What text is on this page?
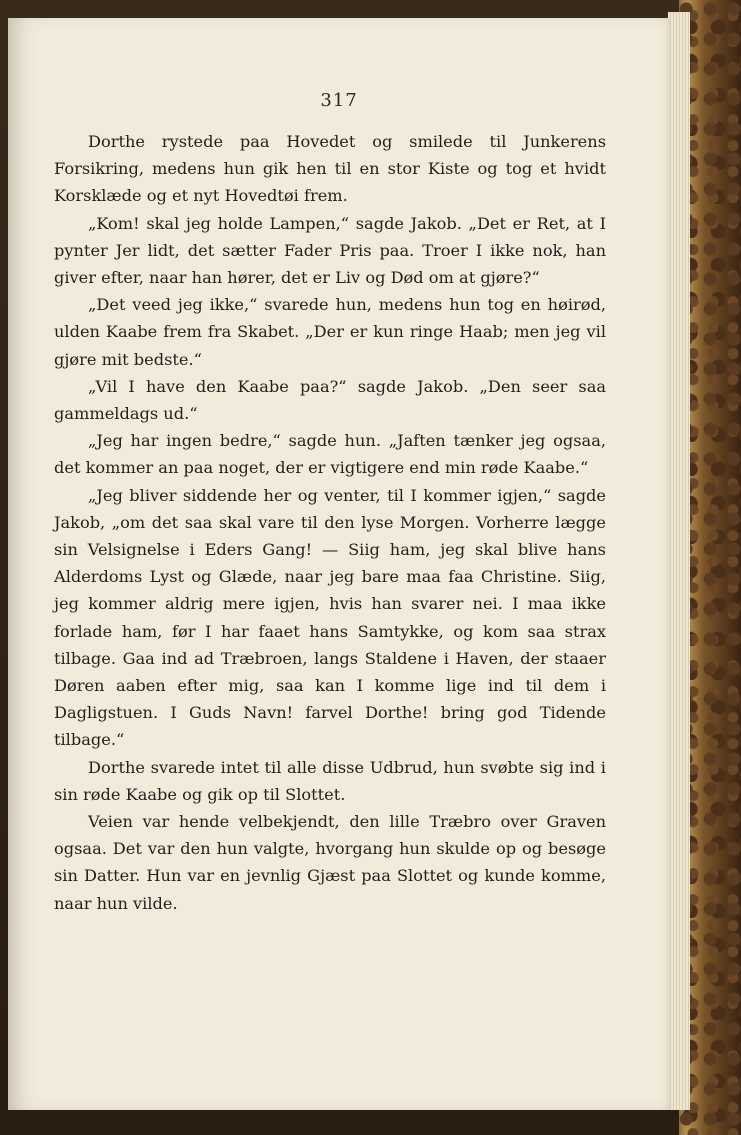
317

Dorthe rystede paa Hovedet og smilede til Junkerens Forsikring, medens hun gik hen til en stor Kiste og tog et hvidt Korsklæde og et nyt Hovedtøi frem.

„Kom! skal jeg holde Lampen,“ sagde Jakob. „Det er Ret, at I pynter Jer lidt, det sætter Fader Pris paa. Troer I ikke nok, han giver efter, naar han hører, det er Liv og Død om at gjøre?“

„Det veed jeg ikke,“ svarede hun, medens hun tog en høirød, ulden Kaabe frem fra Skabet. „Der er kun ringe Haab; men jeg vil gjøre mit bedste.“

„Vil I have den Kaabe paa?“ sagde Jakob. „Den seer saa gammeldags ud.“

„Jeg har ingen bedre,“ sagde hun. „Jaften tænker jeg ogsaa, det kommer an paa noget, der er vigtigere end min røde Kaabe.“

„Jeg bliver siddende her og venter, til I kommer igjen,“ sagde Jakob, „om det saa skal vare til den lyse Morgen. Vorherre lægge sin Velsignelse i Eders Gang! — Siig ham, jeg skal blive hans Alderdoms Lyst og Glæde, naar jeg bare maa faa Christine. Siig, jeg kommer aldrig mere igjen, hvis han svarer nei. I maa ikke forlade ham, før I har faaet hans Samtykke, og kom saa strax tilbage. Gaa ind ad Træbroen, langs Staldene i Haven, der staaer Døren aaben efter mig, saa kan I komme lige ind til dem i Dagligstuen. I Guds Navn! farvel Dorthe! bring god Tidende tilbage.“

Dorthe svarede intet til alle disse Udbrud, hun svøbte sig ind i sin røde Kaabe og gik op til Slottet.

Veien var hende velbekjendt, den lille Træbro over Graven ogsaa. Det var den hun valgte, hvorgang hun skulde op og besøge sin Datter. Hun var en jevnlig Gjæst paa Slottet og kunde komme, naar hun vilde.
